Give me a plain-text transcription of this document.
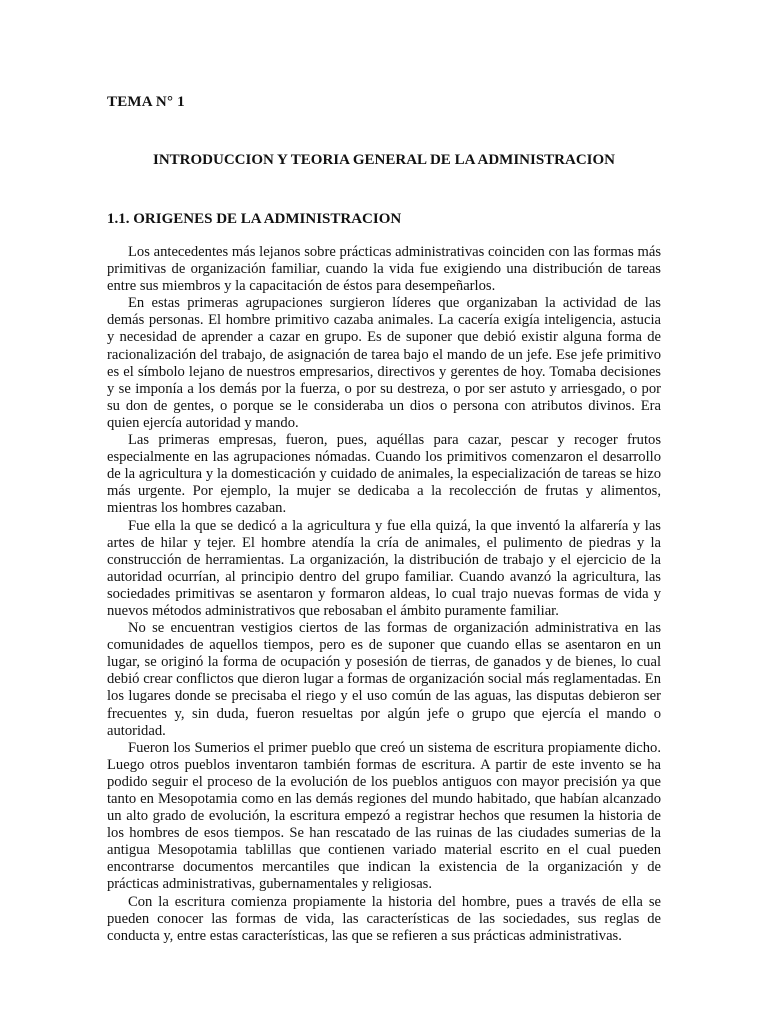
TEMA N° 1
INTRODUCCION Y TEORIA GENERAL DE LA ADMINISTRACION
1.1. ORIGENES DE LA ADMINISTRACION

Los antecedentes más lejanos sobre prácticas administrativas coinciden con las formas más primitivas de organización familiar, cuando la vida fue exigiendo una distribución de tareas entre sus miembros y la capacitación de éstos para desempeñarlos.

En estas primeras agrupaciones surgieron líderes que organizaban la actividad de las demás personas. El hombre primitivo cazaba animales. La cacería exigía inteligencia, astucia y necesidad de aprender a cazar en grupo. Es de suponer que debió existir alguna forma de racionalización del trabajo, de asignación de tarea bajo el mando de un jefe. Ese jefe primitivo es el símbolo lejano de nuestros empresarios, directivos y gerentes de hoy. Tomaba decisiones y se imponía a los demás por la fuerza, o por su destreza, o por ser astuto y arriesgado, o por su don de gentes, o porque se le consideraba un dios o persona con atributos divinos. Era quien ejercía autoridad y mando.

Las primeras empresas, fueron, pues, aquéllas para cazar, pescar y recoger frutos especialmente en las agrupaciones nómadas. Cuando los primitivos comenzaron el desarrollo de la agricultura y la domesticación y cuidado de animales, la especialización de tareas se hizo más urgente. Por ejemplo, la mujer se dedicaba a la recolección de frutas y alimentos, mientras los hombres cazaban.

Fue ella la que se dedicó a la agricultura y fue ella quizá, la que inventó la alfarería y las artes de hilar y tejer. El hombre atendía la cría de animales, el pulimento de piedras y la construcción de herramientas. La organización, la distribución de trabajo y el ejercicio de la autoridad ocurrían, al principio dentro del grupo familiar. Cuando avanzó la agricultura, las sociedades primitivas se asentaron y formaron aldeas, lo cual trajo nuevas formas de vida y nuevos métodos administrativos que rebosaban el ámbito puramente familiar.

No se encuentran vestigios ciertos de las formas de organización administrativa en las comunidades de aquellos tiempos, pero es de suponer que cuando ellas se asentaron en un lugar, se originó la forma de ocupación y posesión de tierras, de ganados y de bienes, lo cual debió crear conflictos que dieron lugar a formas de organización social más reglamentadas. En los lugares donde se precisaba el riego y el uso común de las aguas, las disputas debieron ser frecuentes y, sin duda, fueron resueltas por algún jefe o grupo que ejercía el mando o autoridad.

Fueron los Sumerios el primer pueblo que creó un sistema de escritura propiamente dicho. Luego otros pueblos inventaron también formas de escritura. A partir de este invento se ha podido seguir el proceso de la evolución de los pueblos antiguos con mayor precisión ya que tanto en Mesopotamia como en las demás regiones del mundo habitado, que habían alcanzado un alto grado de evolución, la escritura empezó a registrar hechos que resumen la historia de los hombres de esos tiempos. Se han rescatado de las ruinas de las ciudades sumerias de la antigua Mesopotamia tablillas que contienen variado material escrito en el cual pueden encontrarse documentos mercantiles que indican la existencia de la organización y de prácticas administrativas, gubernamentales y religiosas.

Con la escritura comienza propiamente la historia del hombre, pues a través de ella se pueden conocer las formas de vida, las características de las sociedades, sus reglas de conducta y, entre estas características, las que se refieren a sus prácticas administrativas.
